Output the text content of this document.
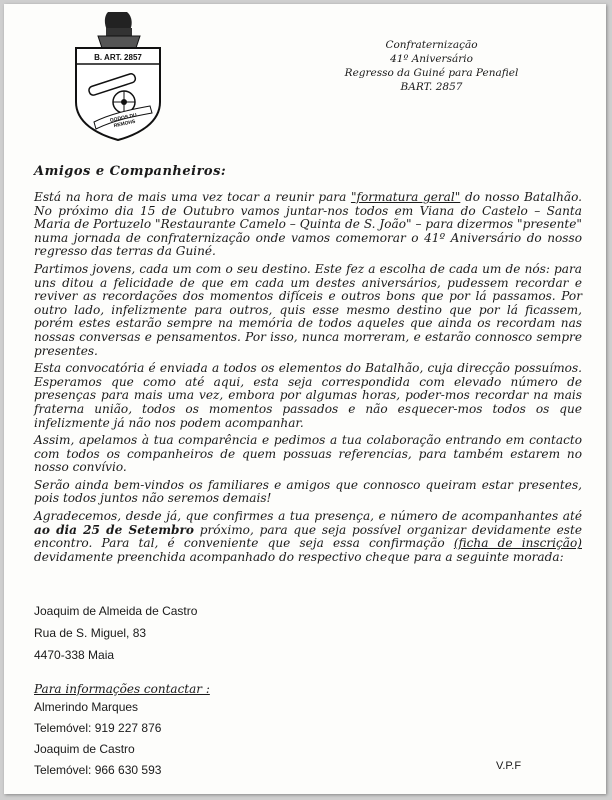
B. ART. 2857
GODOS DU REMOHS
Confraternização
41º Aniversário
Regresso da Guiné para Penafiel
BART. 2857
Amigos e Companheiros:

Está na hora de mais uma vez tocar a reunir para "formatura geral" do nosso Batalhão. No próximo dia 15 de Outubro vamos juntar-nos todos em Viana do Castelo – Santa Maria de Portuzelo "Restaurante Camelo – Quinta de S. João" – para dizermos "presente" numa jornada de confraternização onde vamos comemorar o 41º Aniversário do nosso regresso das terras da Guiné.

Partimos jovens, cada um com o seu destino. Este fez a escolha de cada um de nós: para uns ditou a felicidade de que em cada um destes aniversários, pudessem recordar e reviver as recordações dos momentos difíceis e outros bons que por lá passamos. Por outro lado, infelizmente para outros, quis esse mesmo destino que por lá ficassem, porém estes estarão sempre na memória de todos aqueles que ainda os recordam nas nossas conversas e pensamentos. Por isso, nunca morreram, e estarão connosco sempre presentes.

Esta convocatória é enviada a todos os elementos do Batalhão, cuja direcção possuímos. Esperamos que como até aqui, esta seja correspondida com elevado número de presenças para mais uma vez, embora por algumas horas, poder-mos recordar na mais fraterna união, todos os momentos passados e não esquecer-mos todos os que infelizmente já não nos podem acompanhar.

Assim, apelamos à tua comparência e pedimos a tua colaboração entrando em contacto com todos os companheiros de quem possuas referencias, para também estarem no nosso convívio.

Serão ainda bem-vindos os familiares e amigos que connosco queiram estar presentes, pois todos juntos não seremos demais!

Agradecemos, desde já, que confirmes a tua presença, e número de acompanhantes até ao dia 25 de Setembro próximo, para que seja possível organizar devidamente este encontro. Para tal, é conveniente que seja essa confirmação (ficha de inscrição) devidamente preenchida acompanhado do respectivo cheque para a seguinte morada:

Joaquim de Almeida de Castro
Rua de S. Miguel, 83
4470-338 Maia
Para informações contactar :
Almerindo Marques
Telemóvel: 919 227 876
Joaquim de Castro
Telemóvel: 966 630 593	V.P.F
